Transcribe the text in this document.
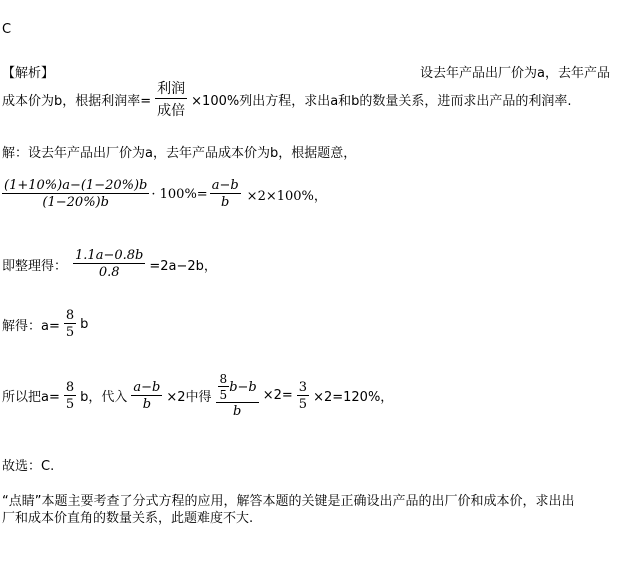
C
【解析】	设去年产品出厂价为a，去年产品
成本价为b，根据利润率= $\frac{\text{利润}}{\text{成倍}} \times 100\%$列出方程，求出a和b的数量关系，进而求出产品的利润率.
解：设去年产品出厂价为a，去年产品成本价为b，根据题意，
$\frac{(1+10\%)a-(1-20\%)b}{(1-20\%)b} \cdot 100\%= \frac{a-b}{b} \times 2\times 100\%$，
即整理得： $\frac{1.1a-0.8b}{0.8} =2a-2b$，
解得：$a= \frac{8}{5}$ b
所以把$a= \frac{8}{5}$ b，代入 $\frac{a-b}{b} \times 2$中得 $\frac{\frac{8}{5} b-b}{b} \times 2= \frac{3}{5} \times 2=120\%$，
故选：C.
“点睛”本题主要考查了分式方程的应用，解答本题的关键是正确设出产品的出厂价和成本价，求出出
厂和成本价直角的数量关系，此题难度不大.
